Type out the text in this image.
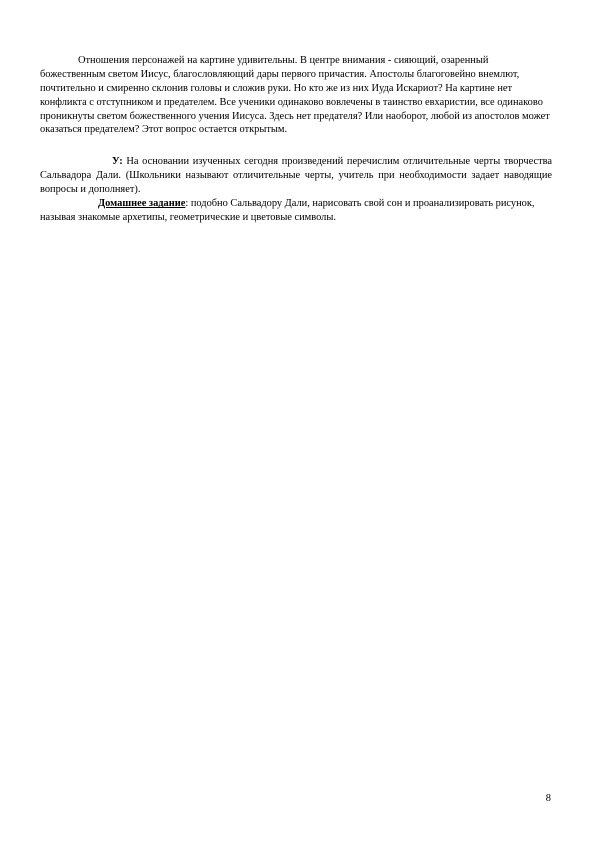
Отношения персонажей на картине удивительны. В центре внимания - сияющий, озаренный божественным светом Иисус, благословляющий дары первого причастия. Апостолы благоговейно внемлют, почтительно и смиренно склонив головы и сложив руки. Но кто же из них Иуда Искариот? На картине нет конфликта с отступником и предателем. Все ученики одинаково вовлечены в таинство евхаристии, все одинаково проникнуты светом божественного учения Иисуса. Здесь нет предателя? Или наоборот, любой из апостолов может оказаться предателем? Этот вопрос остается открытым.

У: На основании изученных сегодня произведений перечислим отличительные черты творчества Сальвадора Дали. (Школьники называют отличительные черты, учитель при необходимости задает наводящие вопросы и дополняет).

Домашнее задание: подобно Сальвадору Дали, нарисовать свой сон и проанализировать рисунок, называя знакомые архетипы, геометрические и цветовые символы.

8
